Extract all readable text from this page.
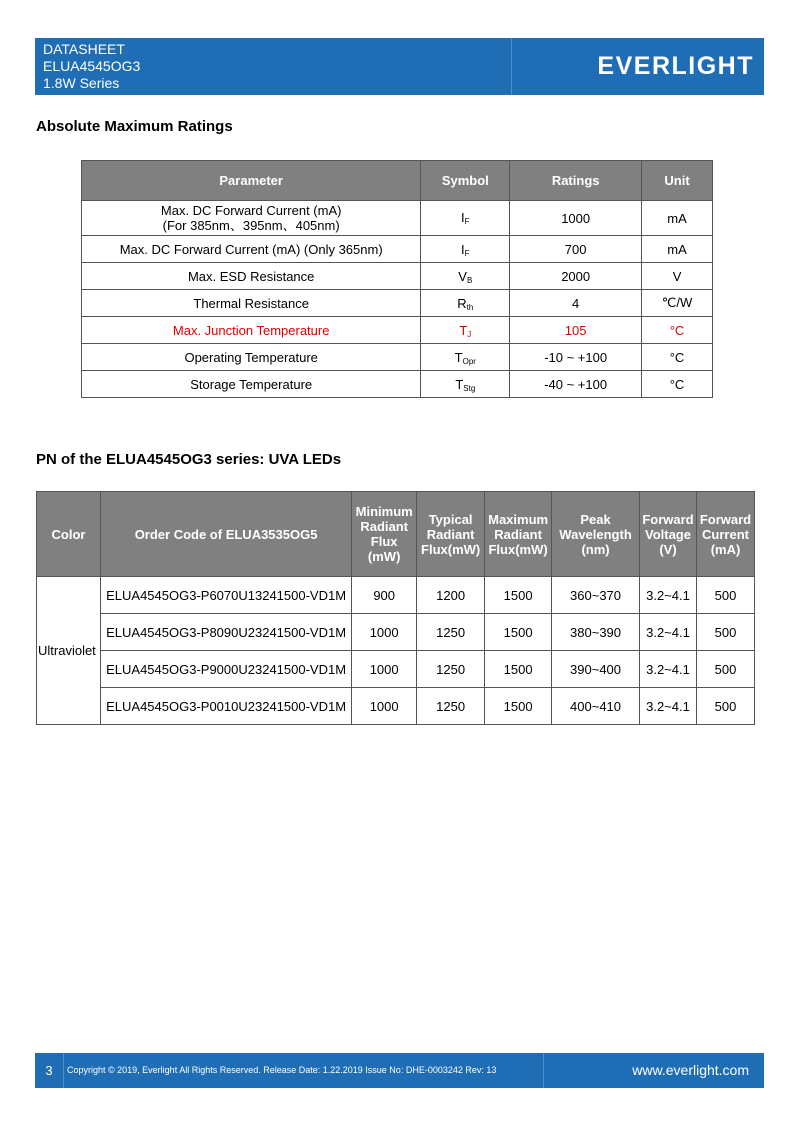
DATASHEET
ELUA4545OG3
1.8W Series
EVERLIGHT
Absolute Maximum Ratings
Parameter	Symbol	Ratings	Unit
Max. DC Forward Current (mA)
(For 385nm、395nm、405nm)	$I_F$	1000	mA
Max. DC Forward Current (mA) (Only 365nm)	$I_F$	700	mA
Max. ESD Resistance	$V_B$	2000	V
Thermal Resistance	$R_{th}$	4	℃/W
Max. Junction Temperature	$T_J$	105	°C
Operating Temperature	$T_{Opr}$	-10 ~ +100	°C
Storage Temperature	$T_{Stg}$	-40 ~ +100	°C
PN of the ELUA4545OG3 series: UVA LEDs
Color	Order Code of ELUA3535OG5	Minimum Radiant Flux (mW)	Typical Radiant Flux(mW)	Maximum Radiant Flux(mW)	Peak Wavelength (nm)	Forward Voltage (V)	Forward Current (mA)
Ultraviolet	ELUA4545OG3-P6070U13241500-VD1M	900	1200	1500	360~370	3.2~4.1	500
	ELUA4545OG3-P8090U23241500-VD1M	1000	1250	1500	380~390	3.2~4.1	500
	ELUA4545OG3-P9000U23241500-VD1M	1000	1250	1500	390~400	3.2~4.1	500
	ELUA4545OG3-P0010U23241500-VD1M	1000	1250	1500	400~410	3.2~4.1	500
3	Copyright © 2019, Everlight All Rights Reserved. Release Date: 1.22.2019 Issue No: DHE-0003242 Rev: 13	www.everlight.com
